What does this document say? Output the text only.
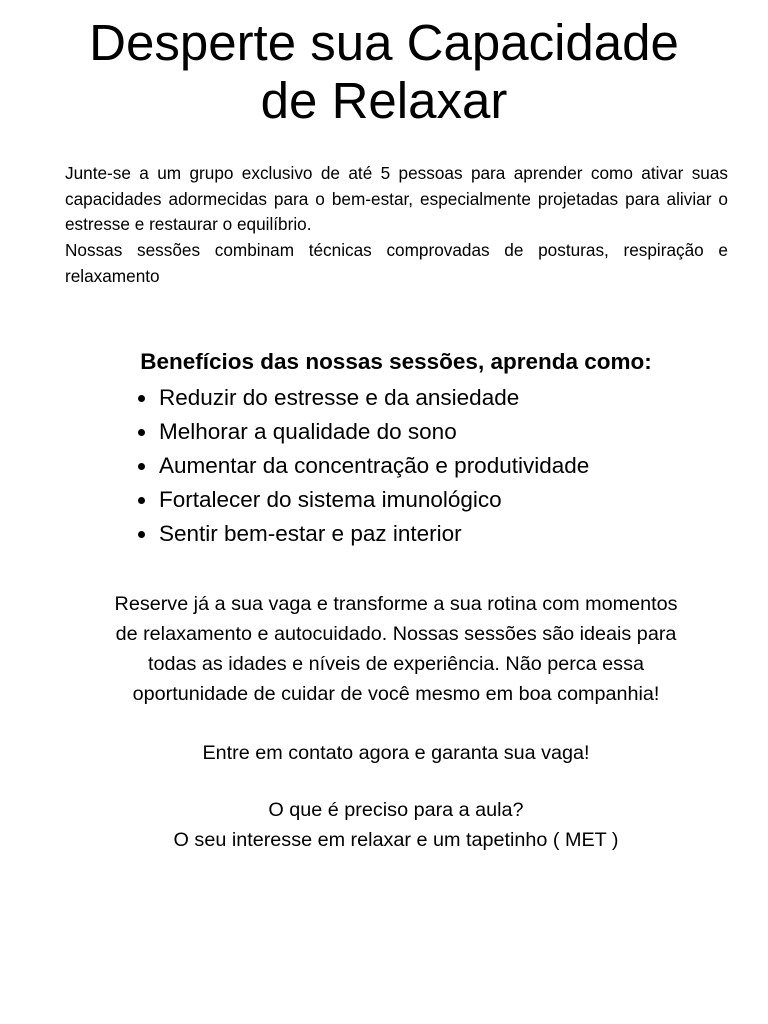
Desperte sua Capacidade
de Relaxar

Junte-se a um grupo exclusivo de até 5 pessoas para aprender como ativar suas capacidades adormecidas para o bem-estar, especialmente projetadas para aliviar o estresse e restaurar o equilíbrio.

Nossas sessões combinam técnicas comprovadas de posturas, respiração e relaxamento

Benefícios das nossas sessões, aprenda como:
Reduzir do estresse e da ansiedade
Melhorar a qualidade do sono
Aumentar da concentração e produtividade
Fortalecer do sistema imunológico
Sentir bem-estar e paz interior

Reserve já a sua vaga e transforme a sua rotina com momentos

de relaxamento e autocuidado. Nossas sessões são ideais para

todas as idades e níveis de experiência. Não perca essa

oportunidade de cuidar de você mesmo em boa companhia!

Entre em contato agora e garanta sua vaga!

O que é preciso para a aula?

O seu interesse em relaxar e um tapetinho ( MET )
